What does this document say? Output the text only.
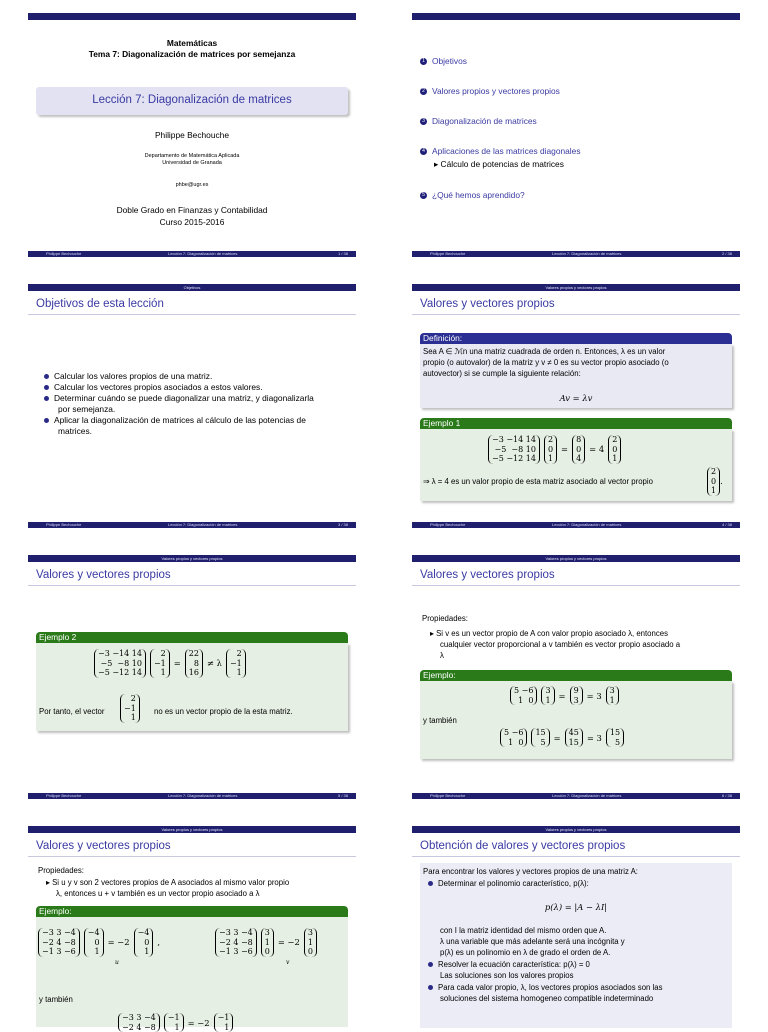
Matemáticas
Tema 7: Diagonalización de matrices por semejanza
Lección 7: Diagonalización de matrices
Philippe Bechouche
Departamento de Matemática Aplicada
Universidad de Granada
phbe@ugr.es
Doble Grado en Finanzas y Contabilidad
Curso 2015-2016
Philippe Bechouche	Lección 7: Diagonalización de matrices	1 / 38
1 Objetivos
2 Valores propios y vectores propios
3 Diagonalización de matrices
4 Aplicaciones de las matrices diagonales
▸ Cálculo de potencias de matrices
5 ¿Qué hemos aprendido?
Philippe Bechouche	Lección 7: Diagonalización de matrices	2 / 38
Objetivos
Objetivos de esta lección
Calcular los valores propios de una matriz.
Calcular los vectores propios asociados a estos valores.
Determinar cuándo se puede diagonalizar una matriz, y diagonalizarla
por semejanza.
Aplicar la diagonalización de matrices al cálculo de las potencias de
matrices.
Philippe Bechouche	Lección 7: Diagonalización de matrices	3 / 38
Valores propios y vectores propios
Valores y vectores propios
Definición:
Sea A ∈ ℳn una matriz cuadrada de orden n. Entonces, λ es un valor
propio (o autovalor) de la matriz y v ≠ 0 es su vector propio asociado (o
autovector) si se cumple la siguiente relación:
Av = λv
Ejemplo 1
−3 −14 14
−5  −8 10
−5 −12 14
2
0
1
=
8
0
4
= 4
2
0
1
⇒ λ = 4 es un valor propio de esta matriz asociado al vector propio
2
0
1
.
Philippe Bechouche	Lección 7: Diagonalización de matrices	4 / 38
Valores propios y vectores propios
Valores y vectores propios
Ejemplo 2
−3 −14 14
−5  −8 10
−5 −12 14
2
−1
1
=
22
8
16
≠ λ
2
−1
1
Por tanto, el vector
2
−1
1
no es un vector propio de la esta matriz.
Philippe Bechouche	Lección 7: Diagonalización de matrices	5 / 38
Valores propios y vectores propios
Valores y vectores propios
Propiedades:
▸ Si v es un vector propio de A con valor propio asociado λ, entonces
cualquier vector proporcional a v también es vector propio asociado a
λ
Ejemplo:
5 −6
1  0
3
1 = 9
3 = 3 3
1
y también
5 −6
1  0
15
5 = 45
15 = 3 15
5
Philippe Bechouche	Lección 7: Diagonalización de matrices	6 / 38
Valores propios y vectores propios
Valores y vectores propios
Propiedades:
▸ Si u y v son 2 vectores propios de A asociados al mismo valor propio
λ, entonces u + v también es un vector propio asociado a λ
Ejemplo:
−3 3 −4
−2 4 −8
−1 3 −6
−4
0
1
= −2
−4
0
1
,
−3 3 −4
−2 4 −8
−1 3 −6
3
1
0
= −2
3
1
0
u	v
y también
−3 3 −4
−2 4 −8
−1
1 = −2 −1
1
Valores propios y vectores propios
Obtención de valores y vectores propios
Para encontrar los valores y vectores propios de una matriz A:
Determinar el polinomio característico, p(λ):
p(λ) = |A − λI|
con I la matriz identidad del mismo orden que A.
λ una variable que más adelante será una incógnita y
p(λ) es un polinomio en λ de grado el orden de A.
Resolver la ecuación característica: p(λ) = 0
Las soluciones son los valores propios
Para cada valor propio, λ, los vectores propios asociados son las
soluciones del sistema homogeneo compatible indeterminado
